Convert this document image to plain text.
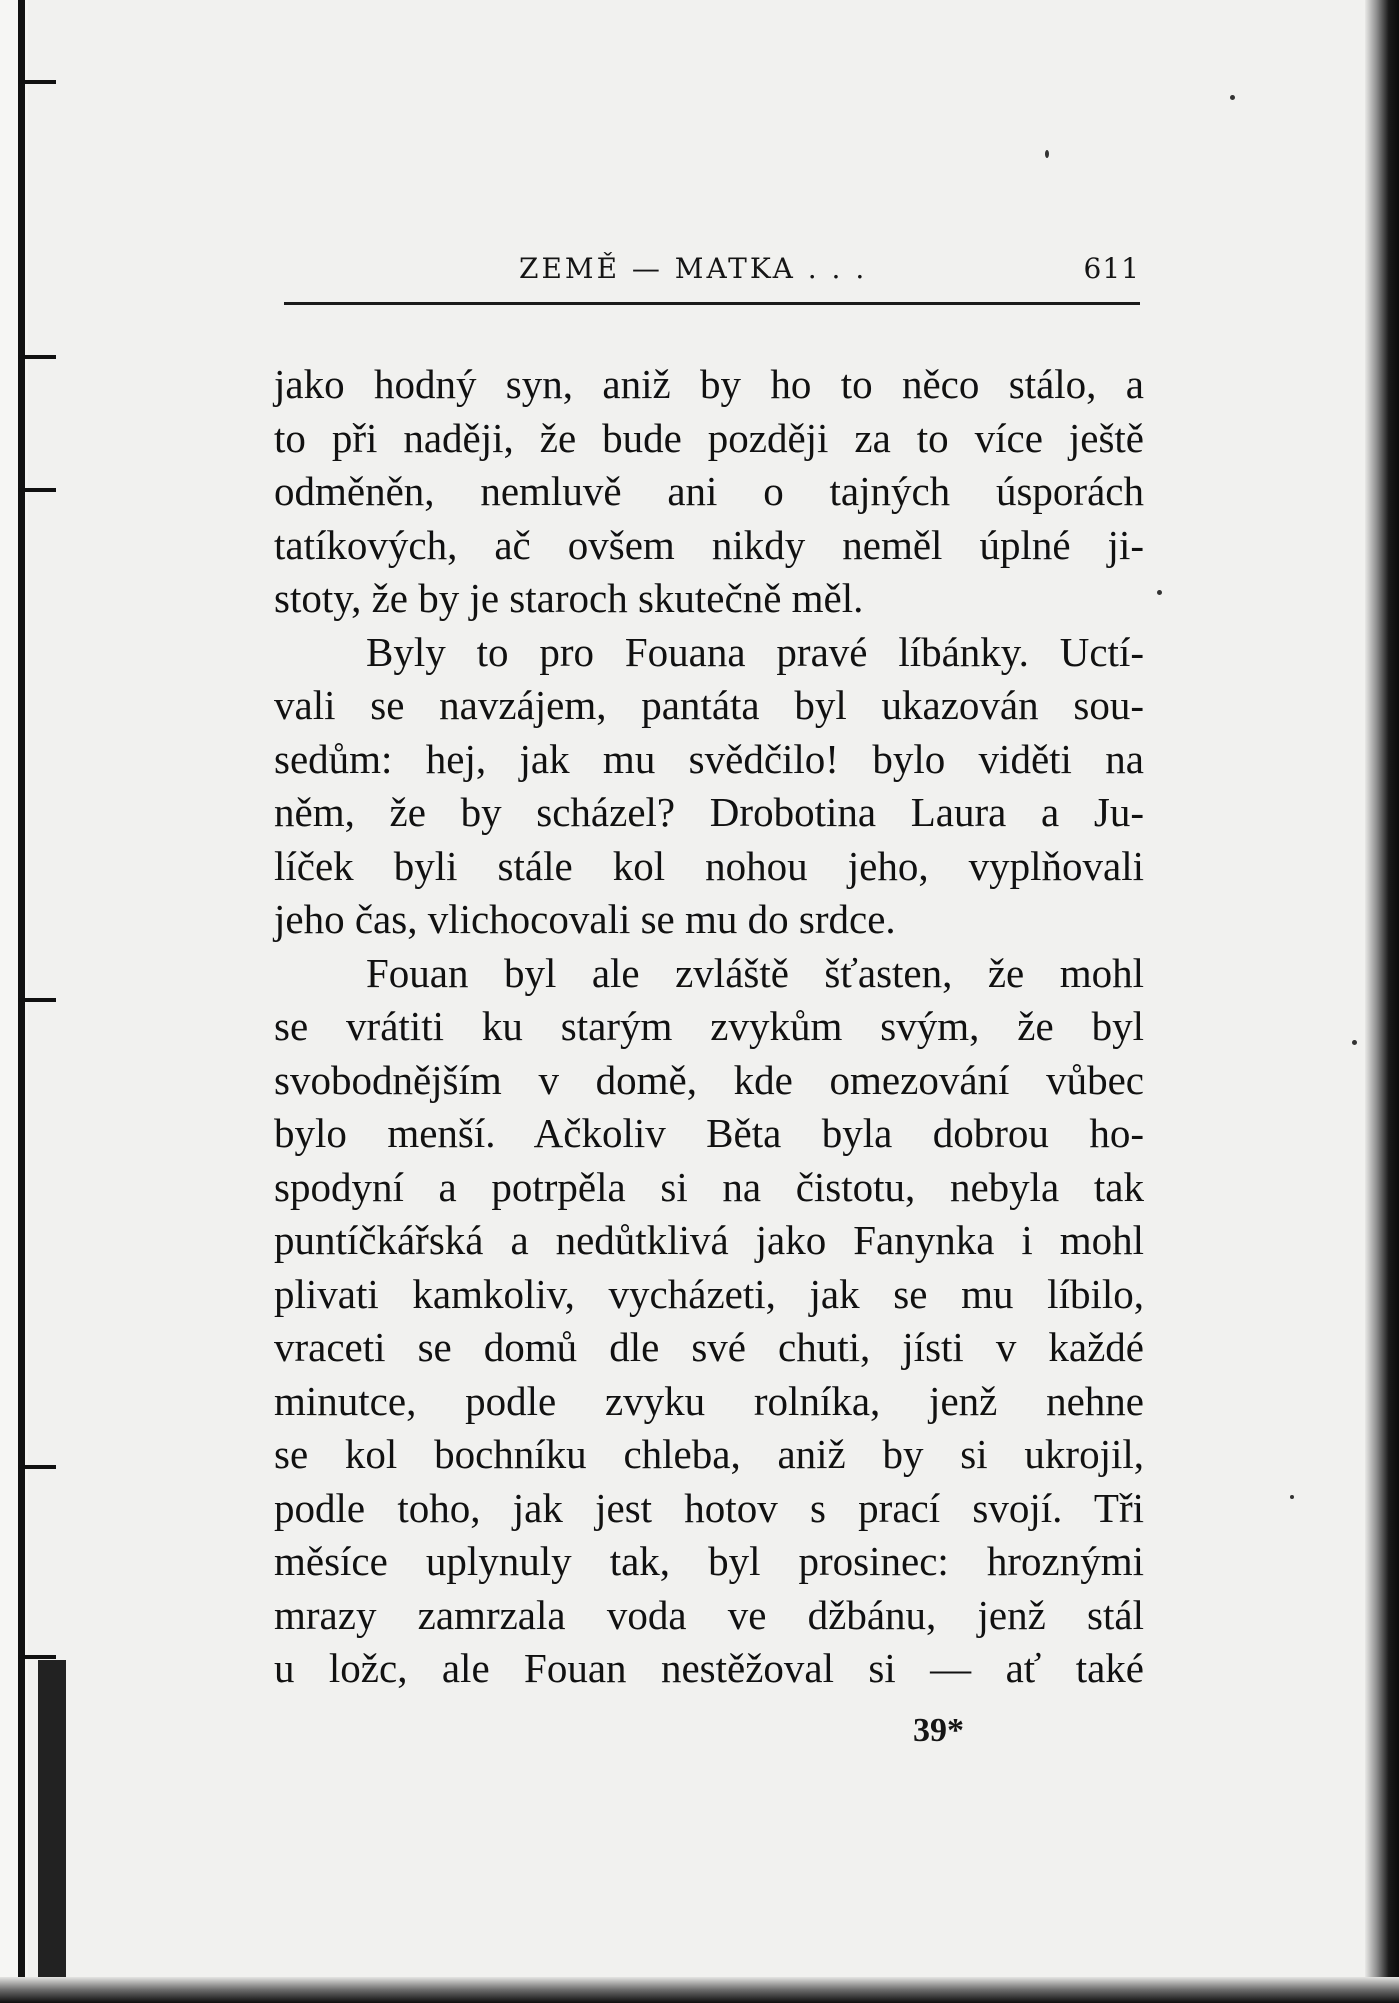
ZEMĚ — MATKA . . .	611
jako hodný syn, aniž by ho to něco stálo, a
to při naději, že bude později za to více ještě
odměněn, nemluvě ani o tajných úsporách
tatíkových, ač ovšem nikdy neměl úplné ji-
stoty, že by je staroch skutečně měl.
Byly to pro Fouana pravé líbánky. Uctí-
vali se navzájem, pantáta byl ukazován sou-
sedům: hej, jak mu svědčilo! bylo viděti na
něm, že by scházel? Drobotina Laura a Ju-
líček byli stále kol nohou jeho, vyplňovali
jeho čas, vlichocovali se mu do srdce.
Fouan byl ale zvláště šťasten, že mohl
se vrátiti ku starým zvykům svým, že byl
svobodnějším v domě, kde omezování vůbec
bylo menší. Ačkoliv Běta byla dobrou ho-
spodyní a potrpěla si na čistotu, nebyla tak
puntíčkářská a nedůtklivá jako Fanynka i mohl
plivati kamkoliv, vycházeti, jak se mu líbilo,
vraceti se domů dle své chuti, jísti v každé
minutce, podle zvyku rolníka, jenž nehne
se kol bochníku chleba, aniž by si ukrojil,
podle toho, jak jest hotov s prací svojí. Tři
měsíce uplynuly tak, byl prosinec: hroznými
mrazy zamrzala voda ve džbánu, jenž stál
u ložc, ale Fouan nestěžoval si — ať také
39*
